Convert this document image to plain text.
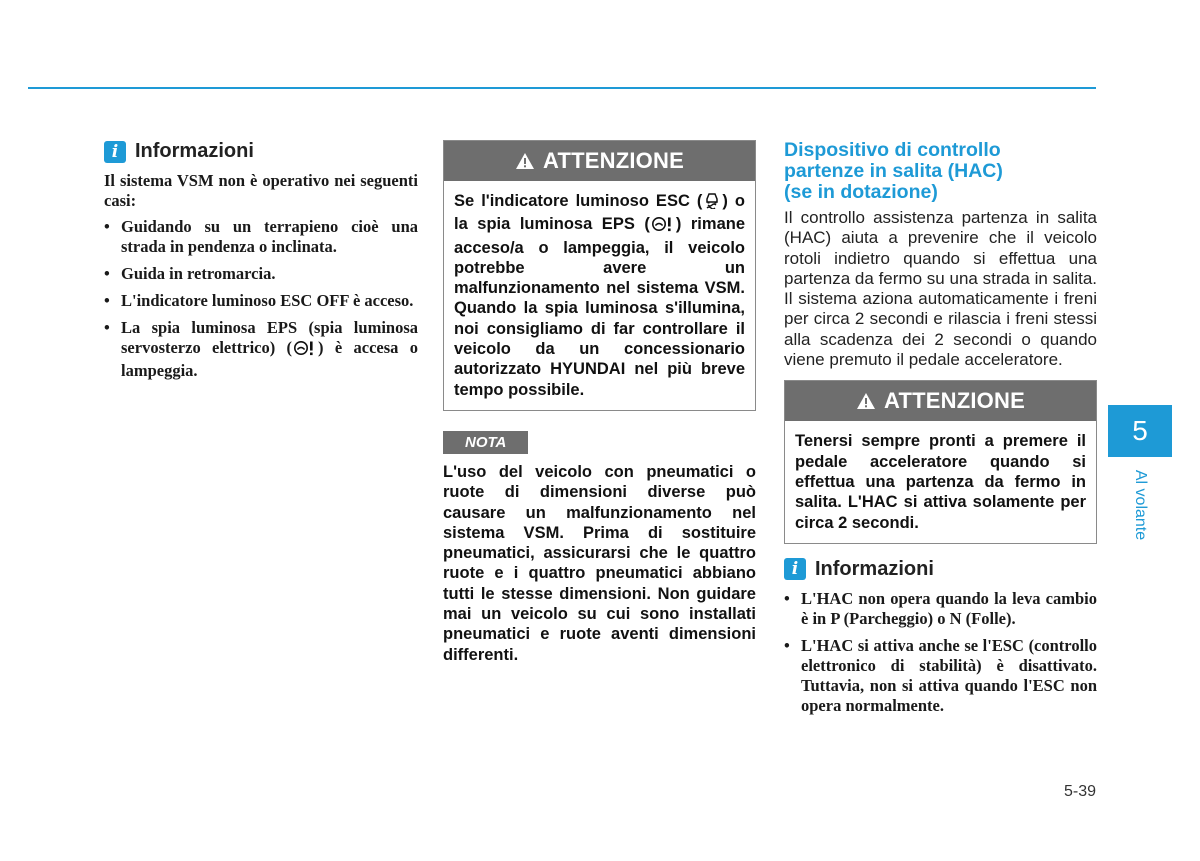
i Informazioni

Il sistema VSM non è operativo nei seguenti casi:

• Guidando su un terrapieno cioè una strada in pendenza o inclinata.
• Guida in retromarcia.
• L'indicatore luminoso ESC OFF è acceso.
• La spia luminosa EPS (spia luminosa servosterzo elettrico) ( ) è accesa o lampeggia.
ATTENZIONE
Se l'indicatore luminoso ESC ( ) o la spia luminosa EPS ( ) rimane acceso/a o lampeggia, il veicolo potrebbe avere un malfunzionamento nel sistema VSM. Quando la spia luminosa s'illumina, noi consigliamo di far controllare il veicolo da un concessionario autorizzato HYUNDAI nel più breve tempo possibile.
NOTA

L'uso del veicolo con pneumatici o ruote di dimensioni diverse può causare un malfunzionamento nel sistema VSM. Prima di sostituire pneumatici, assicurarsi che le quattro ruote e i quattro pneumatici abbiano tutti le stesse dimensioni. Non guidare mai un veicolo su cui sono installati pneumatici e ruote aventi dimensioni differenti.

Dispositivo di controllo
partenze in salita (HAC)
(se in dotazione)

Il controllo assistenza partenza in salita (HAC) aiuta a prevenire che il veicolo rotoli indietro quando si effettua una partenza da fermo su una strada in salita. Il sistema aziona automaticamente i freni per circa 2 secondi e rilascia i freni stessi alla scadenza dei 2 secondi o quando viene premuto il pedale acceleratore.

ATTENZIONE
Tenersi sempre pronti a premere il pedale acceleratore quando si effettua una partenza da fermo in salita. L'HAC si attiva solamente per circa 2 secondi.
i Informazioni
• L'HAC non opera quando la leva cambio è in P (Parcheggio) o N (Folle).
• L'HAC si attiva anche se l'ESC (controllo elettronico di stabilità) è disattivato. Tuttavia, non si attiva quando l'ESC non opera normalmente.
5
Al volante
5-39
